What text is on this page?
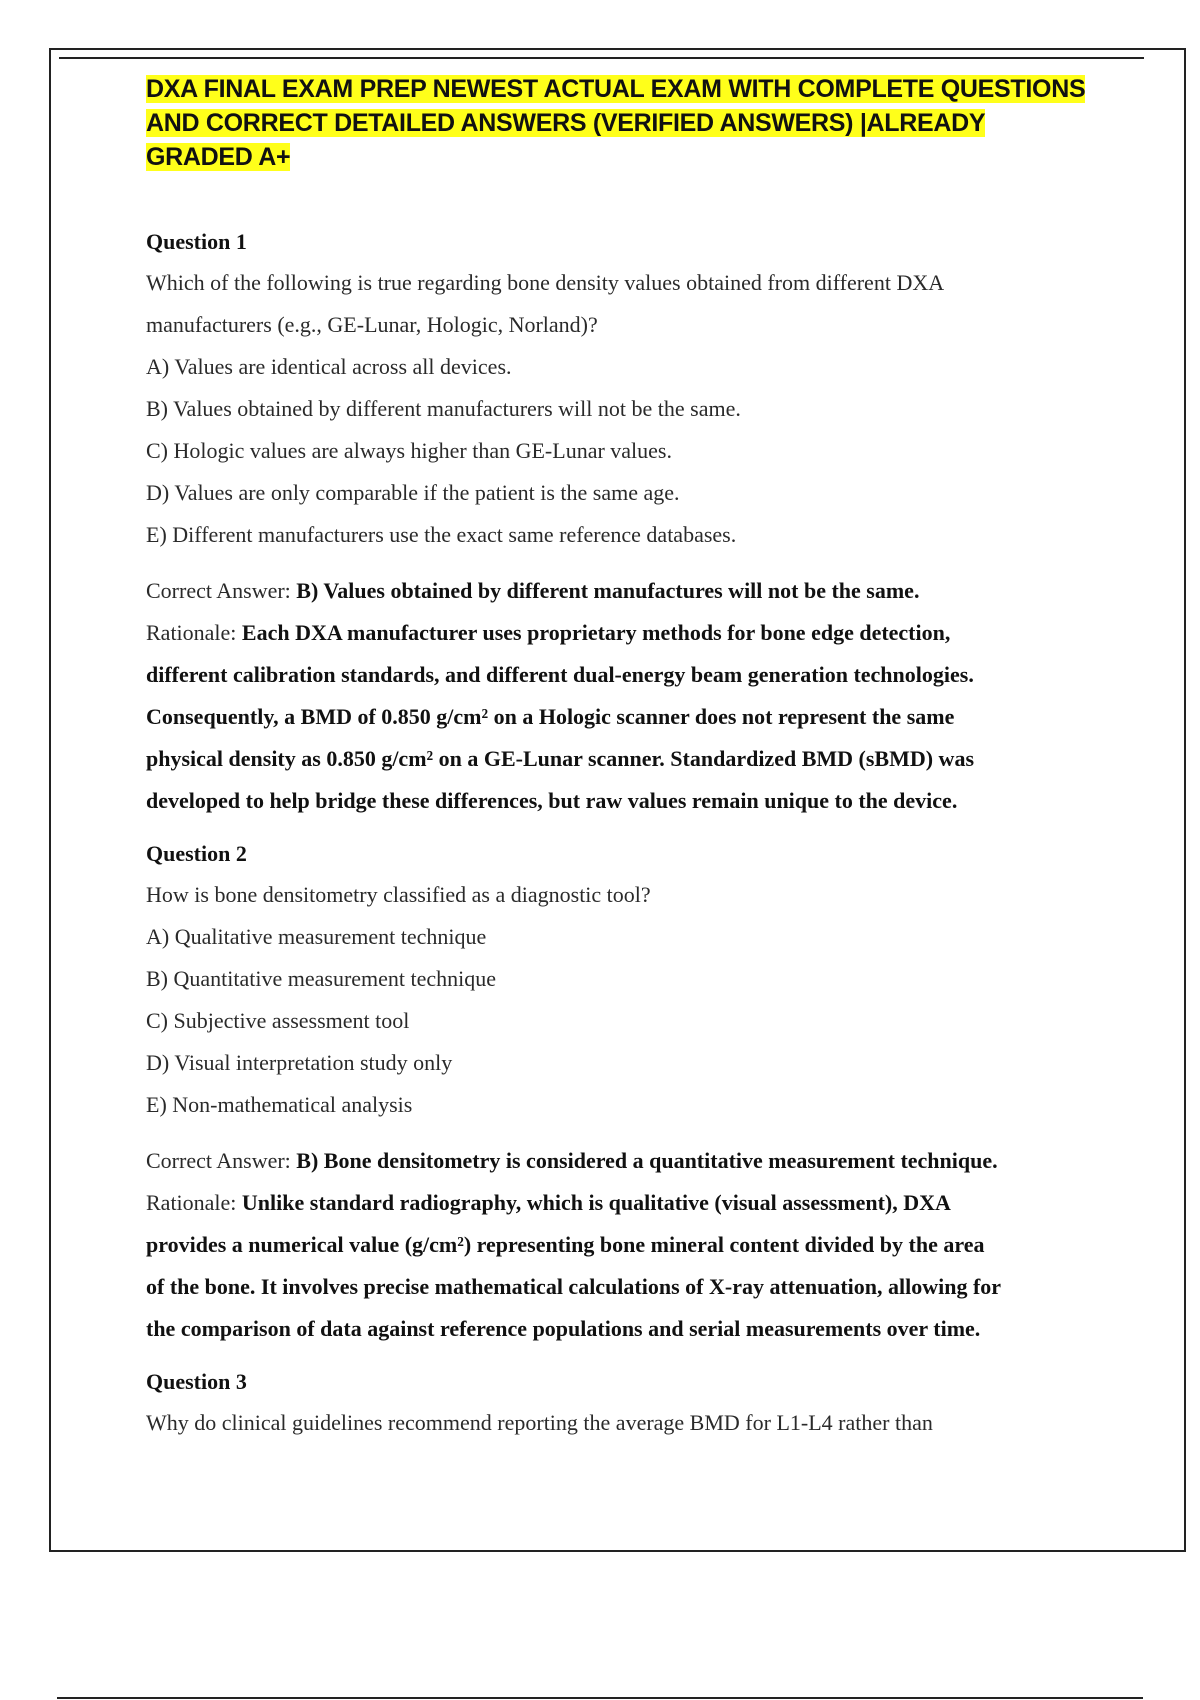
DXA FINAL EXAM PREP NEWEST ACTUAL EXAM WITH COMPLETE QUESTIONS

AND CORRECT DETAILED ANSWERS (VERIFIED ANSWERS) |ALREADY GRADED A+

Question 1

Which of the following is true regarding bone density values obtained from different DXA

manufacturers (e.g., GE-Lunar, Hologic, Norland)?

A) Values are identical across all devices.

B) Values obtained by different manufacturers will not be the same.

C) Hologic values are always higher than GE-Lunar values.

D) Values are only comparable if the patient is the same age.

E) Different manufacturers use the exact same reference databases.

Correct Answer: B) Values obtained by different manufactures will not be the same.

Rationale: Each DXA manufacturer uses proprietary methods for bone edge detection,

different calibration standards, and different dual-energy beam generation technologies.

Consequently, a BMD of 0.850 g/cm² on a Hologic scanner does not represent the same

physical density as 0.850 g/cm² on a GE-Lunar scanner. Standardized BMD (sBMD) was

developed to help bridge these differences, but raw values remain unique to the device.

Question 2

How is bone densitometry classified as a diagnostic tool?

A) Qualitative measurement technique

B) Quantitative measurement technique

C) Subjective assessment tool

D) Visual interpretation study only

E) Non-mathematical analysis

Correct Answer: B) Bone densitometry is considered a quantitative measurement technique.

Rationale: Unlike standard radiography, which is qualitative (visual assessment), DXA

provides a numerical value (g/cm²) representing bone mineral content divided by the area

of the bone. It involves precise mathematical calculations of X-ray attenuation, allowing for

the comparison of data against reference populations and serial measurements over time.

Question 3

Why do clinical guidelines recommend reporting the average BMD for L1-L4 rather than
